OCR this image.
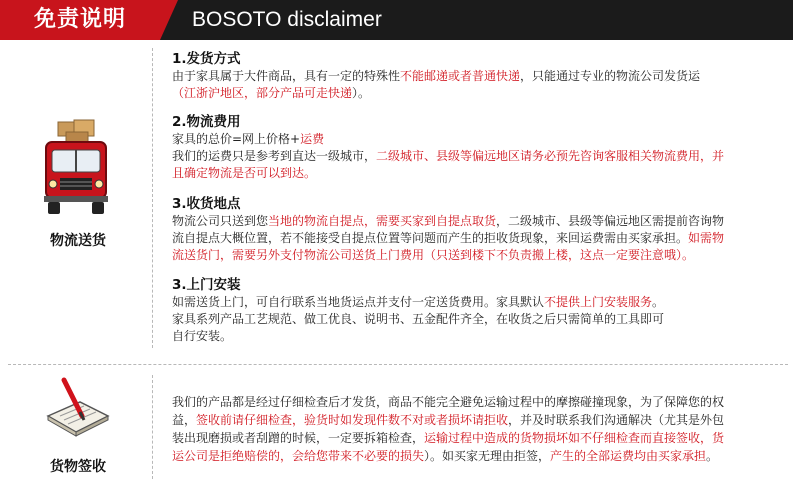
免责说明	BOSOTO disclaimer
物流送货
货物签收
1.发货方式

由于家具属于大件商品，具有一定的特殊性不能邮递或者普通快递，只能通过专业的物流公司发货运

（江浙沪地区，部分产品可走快递）。

2.物流费用

家具的总价=网上价格+运费

我们的运费只是参考到直达一级城市，二级城市、县级等偏远地区请务必预先咨询客服相关物流费用，并

且确定物流是否可以到达。

3.收货地点

物流公司只送到您当地的物流自提点，需要买家到自提点取货，二级城市、县级等偏远地区需提前咨询物

流自提点大概位置，若不能接受自提点位置等问题而产生的拒收货现象，来回运费需由买家承担。如需物

流送货门，需要另外支付物流公司送货上门费用（只送到楼下不负责搬上楼，这点一定要注意哦）。

3.上门安装

如需送货上门，可自行联系当地货运点并支付一定送货费用。家具默认不提供上门安装服务。

家具系列产品工艺规范、做工优良、说明书、五金配件齐全，在收货之后只需简单的工具即可

自行安装。

我们的产品都是经过仔细检查后才发货，商品不能完全避免运输过程中的摩擦碰撞现象，为了保障您的权

益，签收前请仔细检查，验货时如发现件数不对或者损坏请拒收，并及时联系我们沟通解决（尤其是外包

装出现磨损或者刮蹭的时候，一定要拆箱检查，运输过程中造成的货物损坏如不仔细检查而直接签收，货

运公司是拒绝赔偿的，会给您带来不必要的损失）。如买家无理由拒签，产生的全部运费均由买家承担。
